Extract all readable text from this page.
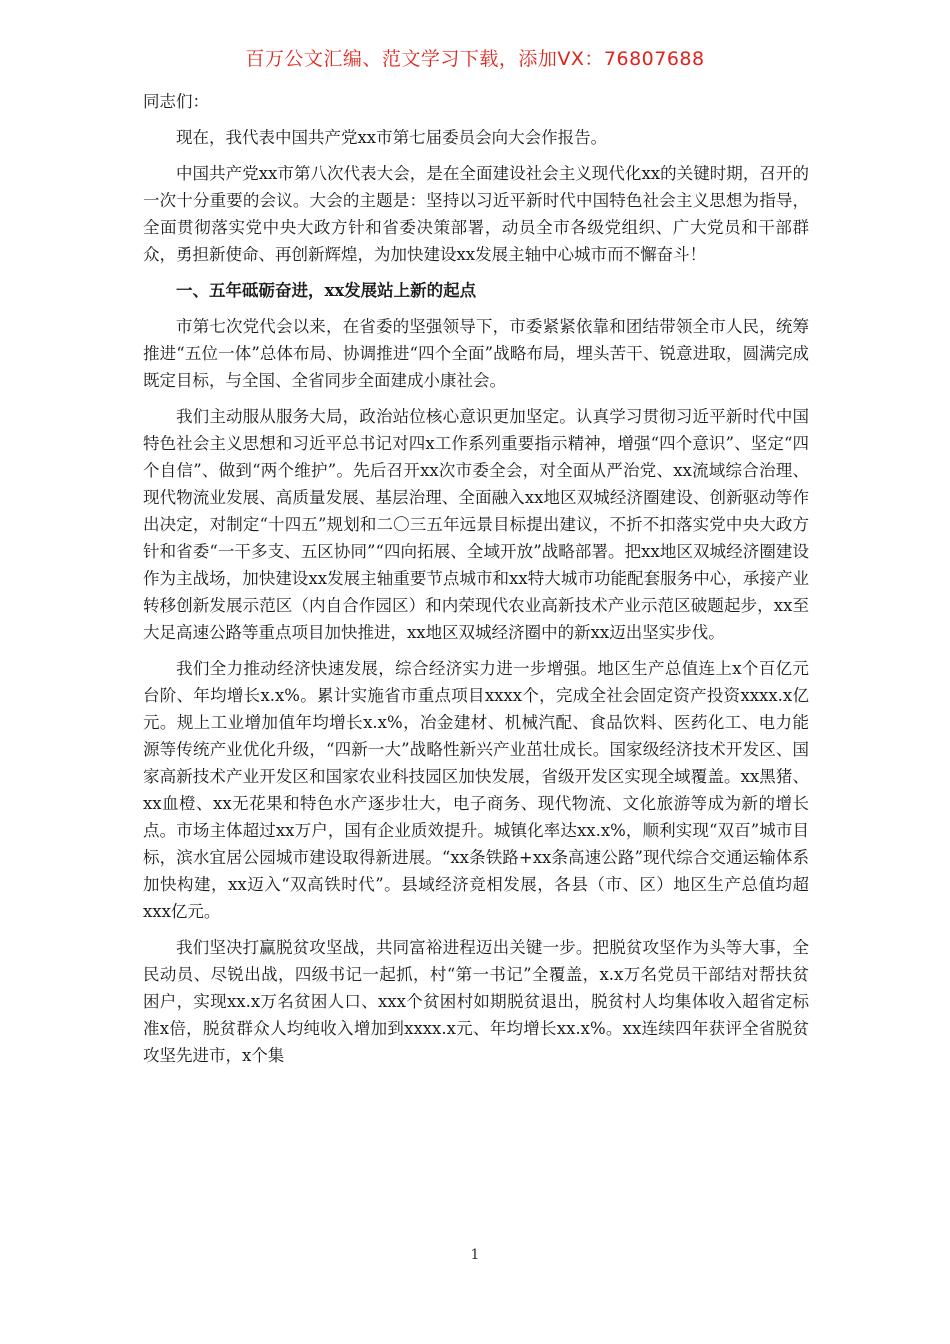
百万公文汇编、范文学习下载，添加VX：76807688

同志们：

现在，我代表中国共产党xx市第七届委员会向大会作报告。

中国共产党xx市第八次代表大会，是在全面建设社会主义现代化xx的关键时期，召开的一次十分重要的会议。大会的主题是：坚持以习近平新时代中国特色社会主义思想为指导，全面贯彻落实党中央大政方针和省委决策部署，动员全市各级党组织、广大党员和干部群众，勇担新使命、再创新辉煌，为加快建设xx发展主轴中心城市而不懈奋斗！

一、五年砥砺奋进，xx发展站上新的起点

市第七次党代会以来，在省委的坚强领导下，市委紧紧依靠和团结带领全市人民，统筹推进“五位一体”总体布局、协调推进“四个全面”战略布局，埋头苦干、锐意进取，圆满完成既定目标，与全国、全省同步全面建成小康社会。

我们主动服从服务大局，政治站位核心意识更加坚定。认真学习贯彻习近平新时代中国特色社会主义思想和习近平总书记对四x工作系列重要指示精神，增强“四个意识”、坚定“四个自信”、做到“两个维护”。先后召开xx次市委全会，对全面从严治党、xx流域综合治理、现代物流业发展、高质量发展、基层治理、全面融入xx地区双城经济圈建设、创新驱动等作出决定，对制定“十四五”规划和二〇三五年远景目标提出建议，不折不扣落实党中央大政方针和省委“一干多支、五区协同”“四向拓展、全域开放”战略部署。把xx地区双城经济圈建设作为主战场，加快建设xx发展主轴重要节点城市和xx特大城市功能配套服务中心，承接产业转移创新发展示范区（内自合作园区）和内荣现代农业高新技术产业示范区破题起步，xx至大足高速公路等重点项目加快推进，xx地区双城经济圈中的新xx迈出坚实步伐。

我们全力推动经济快速发展，综合经济实力进一步增强。地区生产总值连上x个百亿元台阶、年均增长x.x%。累计实施省市重点项目xxxx个，完成全社会固定资产投资xxxx.x亿元。规上工业增加值年均增长x.x%，冶金建材、机械汽配、食品饮料、医药化工、电力能源等传统产业优化升级，“四新一大”战略性新兴产业茁壮成长。国家级经济技术开发区、国家高新技术产业开发区和国家农业科技园区加快发展，省级开发区实现全域覆盖。xx黑猪、xx血橙、xx无花果和特色水产逐步壮大，电子商务、现代物流、文化旅游等成为新的增长点。市场主体超过xx万户，国有企业质效提升。城镇化率达xx.x%，顺利实现“双百”城市目标，滨水宜居公园城市建设取得新进展。“xx条铁路+xx条高速公路”现代综合交通运输体系加快构建，xx迈入“双高铁时代”。县域经济竞相发展，各县（市、区）地区生产总值均超xxx亿元。

我们坚决打赢脱贫攻坚战，共同富裕进程迈出关键一步。把脱贫攻坚作为头等大事，全民动员、尽锐出战，四级书记一起抓，村“第一书记”全覆盖，x.x万名党员干部结对帮扶贫困户，实现xx.x万名贫困人口、xxx个贫困村如期脱贫退出，脱贫村人均集体收入超省定标准x倍，脱贫群众人均纯收入增加到xxxx.x元、年均增长xx.x%。xx连续四年获评全省脱贫攻坚先进市，x个集

1
